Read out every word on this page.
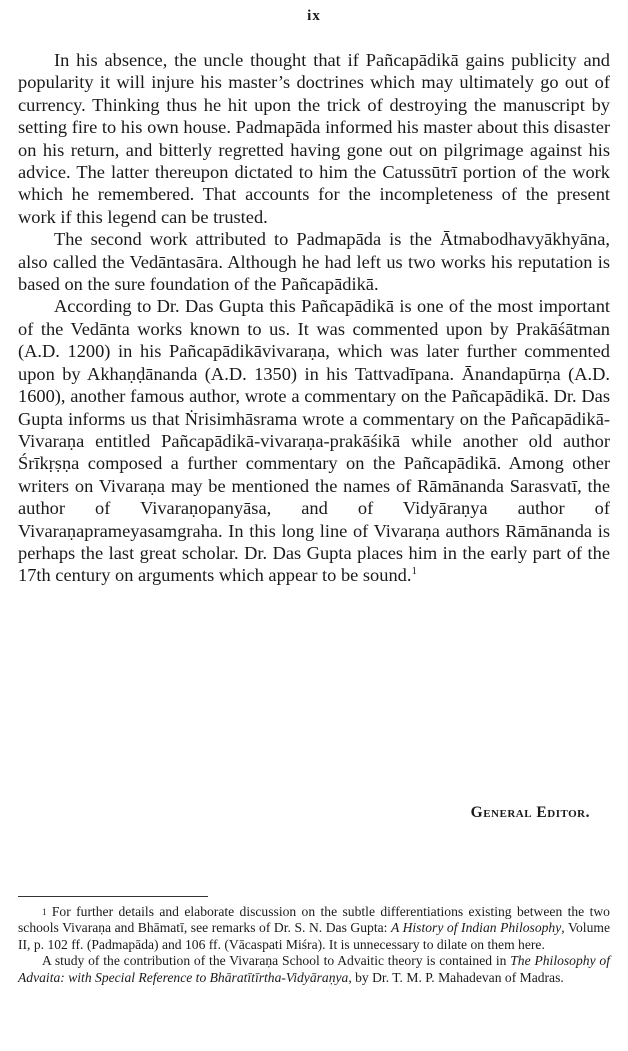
ix

In his absence, the uncle thought that if Pañcapādikā gains publicity and popularity it will injure his master’s doctrines which may ultimately go out of currency. Thinking thus he hit upon the trick of destroying the manuscript by setting fire to his own house. Padmapāda informed his master about this disaster on his return, and bitterly regretted having gone out on pilgrimage against his advice. The latter thereupon dictated to him the Catussūtrī portion of the work which he remembered. That accounts for the incompleteness of the present work if this legend can be trusted.

The second work attributed to Padmapāda is the Ātmabodhavyākhyāna, also called the Vedāntasāra. Although he had left us two works his reputation is based on the sure foundation of the Pañcapādikā.

According to Dr. Das Gupta this Pañcapādikā is one of the most important of the Vedānta works known to us. It was commented upon by Prakāśātman (A.D. 1200) in his Pañcapādikāvivaraṇa, which was later further commented upon by Akhaṇḍānanda (A.D. 1350) in his Tattvadīpana. Ānandapūrṇa (A.D. 1600), another famous author, wrote a commentary on the Pañcapādikā. Dr. Das Gupta informs us that Ṅrisimhāsrama wrote a commentary on the Pañcapādikā-Vivaraṇa entitled Pañcapādikā-vivaraṇa-prakāśikā while another old author Śrīkṛṣṇa composed a further commentary on the Pañcapādikā. Among other writers on Vivaraṇa may be mentioned the names of Rāmānanda Sarasvatī, the author of Vivaraṇopanyāsa, and of Vidyāraṇya author of Vivaraṇaprameyasamgraha. In this long line of Vivaraṇa authors Rāmānanda is perhaps the last great scholar. Dr. Das Gupta places him in the early part of the 17th century on arguments which appear to be sound.$^1$

General Editor.

$^1$ For further details and elaborate discussion on the subtle differentiations existing between the two schools Vivaraṇa and Bhāmatī, see remarks of Dr. S. N. Das Gupta: A History of Indian Philosophy, Volume II, p. 102 ff. (Padmapāda) and 106 ff. (Vācaspati Miśra). It is unnecessary to dilate on them here.

A study of the contribution of the Vivaraṇa School to Advaitic theory is contained in The Philosophy of Advaita: with Special Reference to Bhāratītīrtha-Vidyāraṇya, by Dr. T. M. P. Mahadevan of Madras.
